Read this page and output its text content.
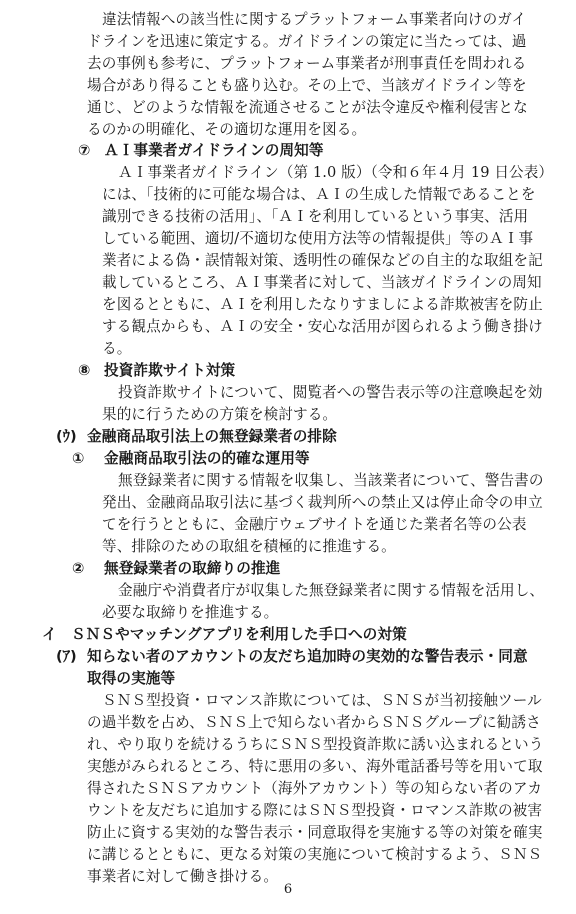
違法情報への該当性に関するプラットフォーム事業者向けのガイ
ドラインを迅速に策定する。ガイドラインの策定に当たっては、過
去の事例も参考に、プラットフォーム事業者が刑事責任を問われる
場合があり得ることも盛り込む。その上で、当該ガイドライン等を
通じ、どのような情報を流通させることが法令違反や権利侵害とな
るのかの明確化、その適切な運用を図る。
⑦ ＡＩ事業者ガイドラインの周知等
ＡＩ事業者ガイドライン（第 1.0 版）（令和６年４月 19 日公表）
には、「技術的に可能な場合は、ＡＩの生成した情報であることを
識別できる技術の活用」、「ＡＩを利用しているという事実、活用
している範囲、適切/不適切な使用方法等の情報提供」等のＡＩ事
業者による偽・誤情報対策、透明性の確保などの自主的な取組を記
載しているところ、ＡＩ事業者に対して、当該ガイドラインの周知
を図るとともに、ＡＩを利用したなりすましによる詐欺被害を防止
する観点からも、ＡＩの安全・安心な活用が図られるよう働き掛け
る。
⑧ 投資詐欺サイト対策
投資詐欺サイトについて、閲覧者への警告表示等の注意喚起を効
果的に行うための方策を検討する。
(ｳ) 金融商品取引法上の無登録業者の排除
① 金融商品取引法の的確な運用等
無登録業者に関する情報を収集し、当該業者について、警告書の
発出、金融商品取引法に基づく裁判所への禁止又は停止命令の申立
てを行うとともに、金融庁ウェブサイトを通じた業者名等の公表
等、排除のための取組を積極的に推進する。
② 無登録業者の取締りの推進
金融庁や消費者庁が収集した無登録業者に関する情報を活用し、
必要な取締りを推進する。
イ ＳＮＳやマッチングアプリを利用した手口への対策
(ｱ) 知らない者のアカウントの友だち追加時の実効的な警告表示・同意
取得の実施等
ＳＮＳ型投資・ロマンス詐欺については、ＳＮＳが当初接触ツール
の過半数を占め、ＳＮＳ上で知らない者からＳＮＳグループに勧誘さ
れ、やり取りを続けるうちにＳＮＳ型投資詐欺に誘い込まれるという
実態がみられるところ、特に悪用の多い、海外電話番号等を用いて取
得されたＳＮＳアカウント（海外アカウント）等の知らない者のアカ
ウントを友だちに追加する際にはＳＮＳ型投資・ロマンス詐欺の被害
防止に資する実効的な警告表示・同意取得を実施する等の対策を確実
に講じるとともに、更なる対策の実施について検討するよう、ＳＮＳ
事業者に対して働き掛ける。
6
